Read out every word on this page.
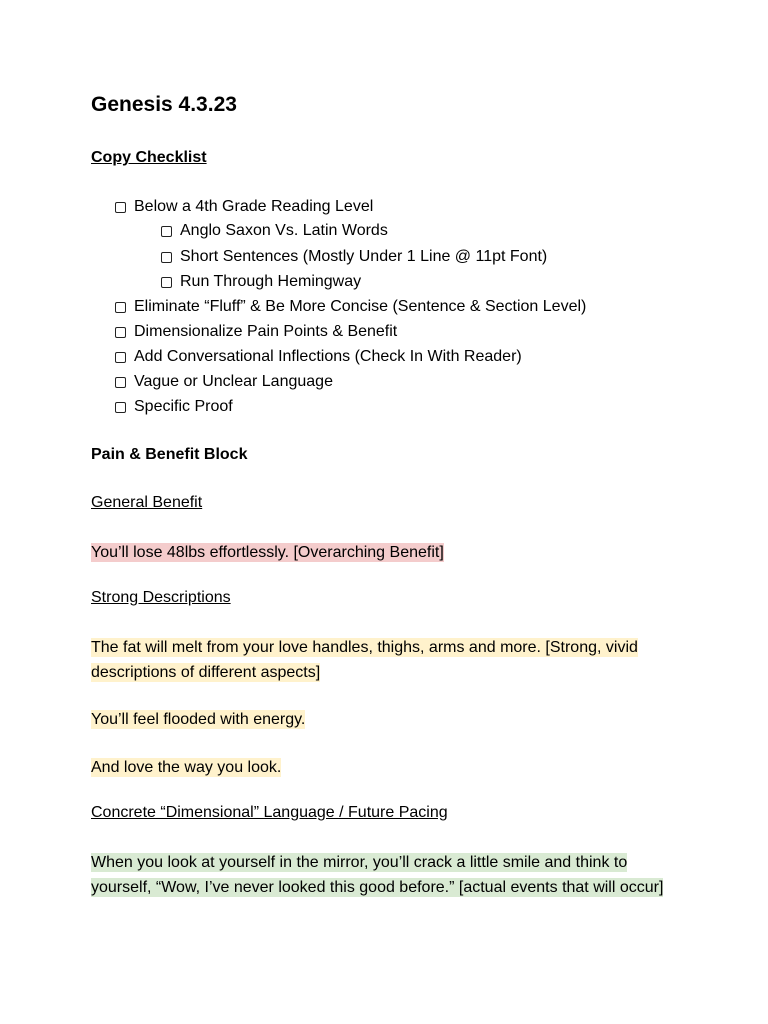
Genesis 4.3.23
Copy Checklist
Below a 4th Grade Reading Level
Anglo Saxon Vs. Latin Words
Short Sentences (Mostly Under 1 Line @ 11pt Font)
Run Through Hemingway
Eliminate “Fluff” & Be More Concise (Sentence & Section Level)
Dimensionalize Pain Points & Benefit
Add Conversational Inflections (Check In With Reader)
Vague or Unclear Language
Specific Proof
Pain & Benefit Block
General Benefit
You’ll lose 48lbs effortlessly. [Overarching Benefit]
Strong Descriptions
The fat will melt from your love handles, thighs, arms and more. [Strong, vivid descriptions of different aspects]
You’ll feel flooded with energy.
And love the way you look.
Concrete “Dimensional” Language / Future Pacing
When you look at yourself in the mirror, you’ll crack a little smile and think to yourself, “Wow, I’ve never looked this good before.” [actual events that will occur]
